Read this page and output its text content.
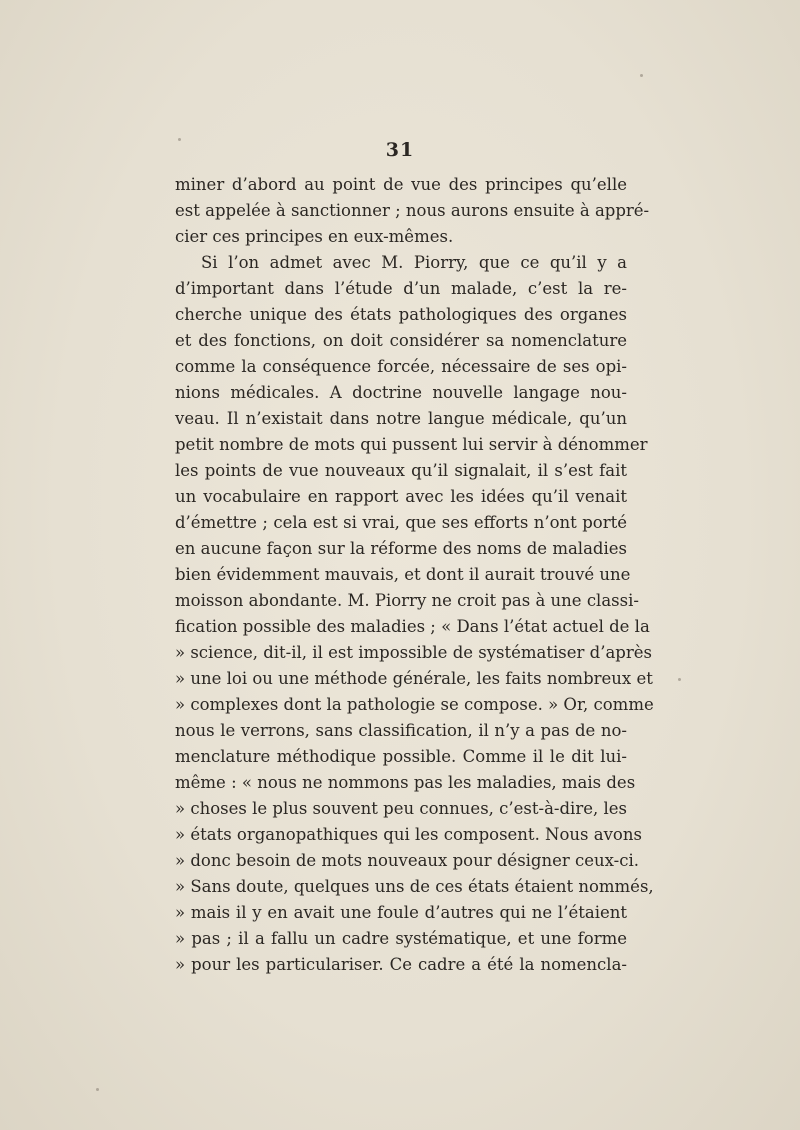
31
miner d’abord au point de vue des principes qu’elle
est appelée à sanctionner ; nous aurons ensuite à appré-
cier ces principes en eux-mêmes.
Si l’on admet avec M. Piorry, que ce qu’il y a
d’important dans l’étude d’un malade, c’est la re-
cherche unique des états pathologiques des organes
et des fonctions, on doit considérer sa nomenclature
comme la conséquence forcée, nécessaire de ses opi-
nions médicales. A doctrine nouvelle langage nou-
veau. Il n’existait dans notre langue médicale, qu’un
petit nombre de mots qui pussent lui servir à dénommer
les points de vue nouveaux qu’il signalait, il s’est fait
un vocabulaire en rapport avec les idées qu’il venait
d’émettre ; cela est si vrai, que ses efforts n’ont porté
en aucune façon sur la réforme des noms de maladies
bien évidemment mauvais, et dont il aurait trouvé une
moisson abondante. M. Piorry ne croit pas à une classi-
fication possible des maladies ; « Dans l’état actuel de la
» science, dit-il, il est impossible de systématiser d’après
» une loi ou une méthode générale, les faits nombreux et
» complexes dont la pathologie se compose. » Or, comme
nous le verrons, sans classification, il n’y a pas de no-
menclature méthodique possible. Comme il le dit lui-
même : « nous ne nommons pas les maladies, mais des
» choses le plus souvent peu connues, c’est-à-dire, les
» états organopathiques qui les composent. Nous avons
» donc besoin de mots nouveaux pour désigner ceux-ci.
» Sans doute, quelques uns de ces états étaient nommés,
» mais il y en avait une foule d’autres qui ne l’étaient
» pas ; il a fallu un cadre systématique, et une forme
» pour les particulariser. Ce cadre a été la nomencla-
